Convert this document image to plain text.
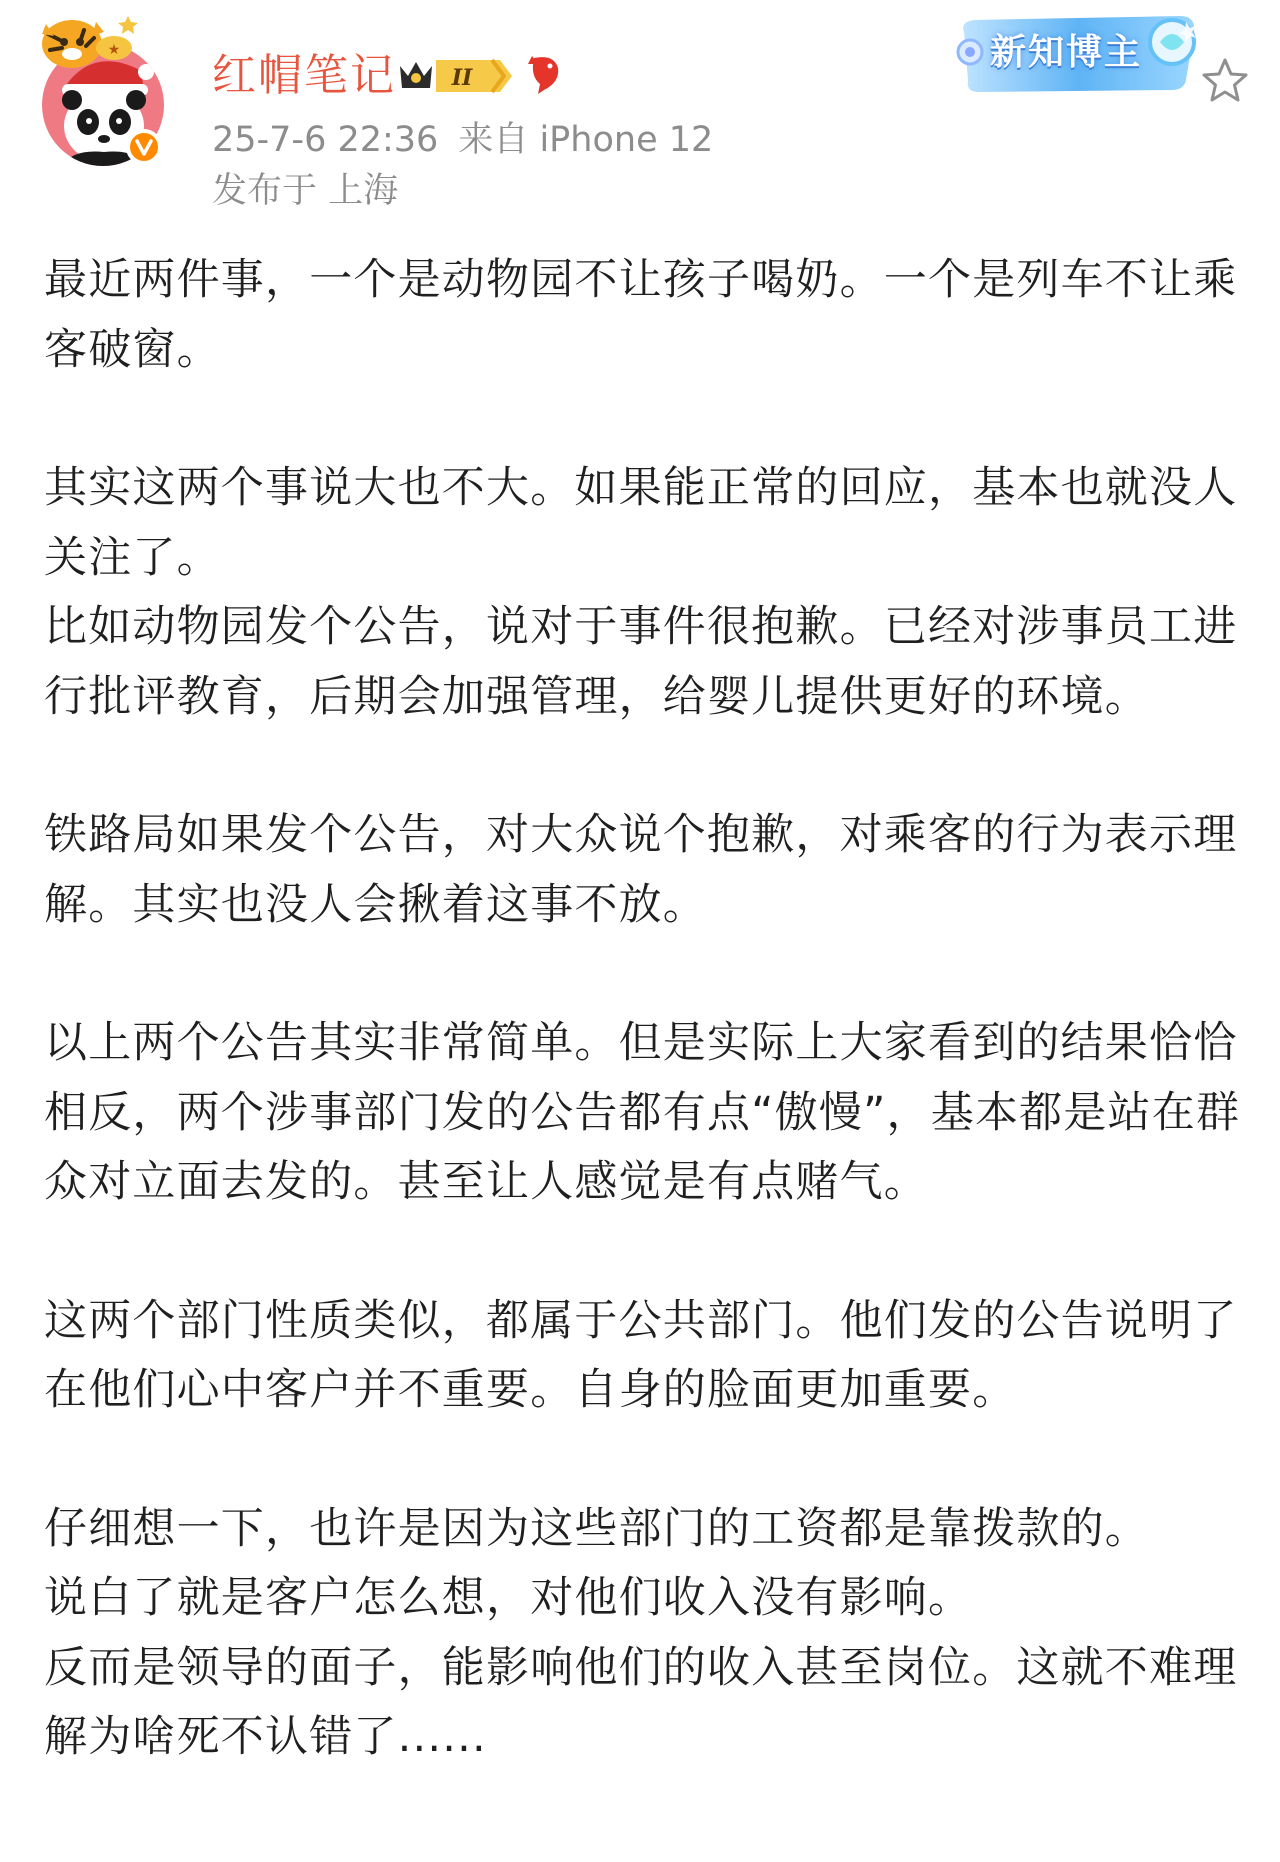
★ 红帽笔记	II
25-7-6 22:36 来自 iPhone 12
发布于 上海
新知博主

最近两件事，一个是动物园不让孩子喝奶。一个是列车不让乘客破窗。

其实这两个事说大也不大。如果能正常的回应，基本也就没人关注了。

比如动物园发个公告，说对于事件很抱歉。已经对涉事员工进行批评教育，后期会加强管理，给婴儿提供更好的环境。

铁路局如果发个公告，对大众说个抱歉，对乘客的行为表示理解。其实也没人会揪着这事不放。

以上两个公告其实非常简单。但是实际上大家看到的结果恰恰相反，两个涉事部门发的公告都有点“傲慢”，基本都是站在群众对立面去发的。甚至让人感觉是有点赌气。

这两个部门性质类似，都属于公共部门。他们发的公告说明了在他们心中客户并不重要。自身的脸面更加重要。

仔细想一下，也许是因为这些部门的工资都是靠拨款的。

说白了就是客户怎么想，对他们收入没有影响。

反而是领导的面子，能影响他们的收入甚至岗位。这就不难理解为啥死不认错了......
